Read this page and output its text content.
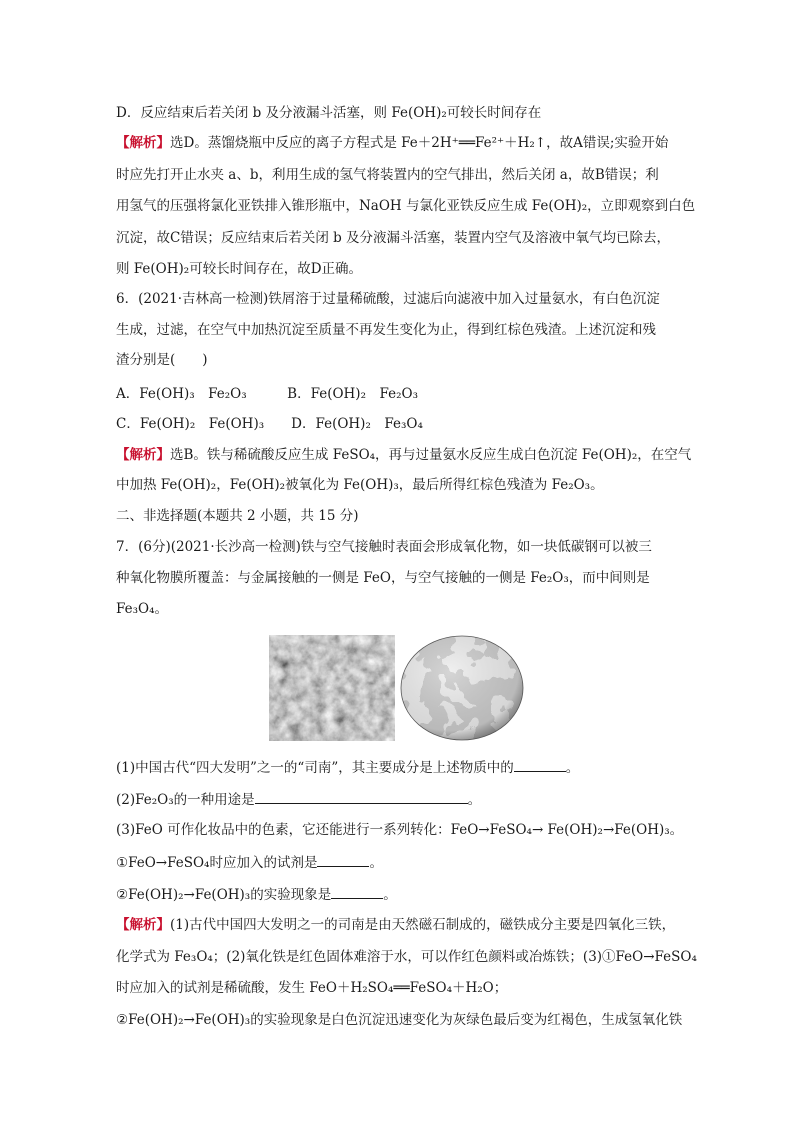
D．反应结束后若关闭 b 及分液漏斗活塞，则 Fe(OH)₂可较长时间存在
【解析】选D。蒸馏烧瓶中反应的离子方程式是 Fe＋2H⁺══Fe²⁺＋H₂↑，故A错误;实验开始
时应先打开止水夹 a、b，利用生成的氢气将装置内的空气排出，然后关闭 a，故B错误；利
用氢气的压强将氯化亚铁排入锥形瓶中，NaOH 与氯化亚铁反应生成 Fe(OH)₂，立即观察到白色
沉淀，故C错误；反应结束后若关闭 b 及分液漏斗活塞，装置内空气及溶液中氧气均已除去，
则 Fe(OH)₂可较长时间存在，故D正确。
6．(2021·吉林高一检测)铁屑溶于过量稀硫酸，过滤后向滤液中加入过量氨水，有白色沉淀
生成，过滤，在空气中加热沉淀至质量不再发生变化为止，得到红棕色残渣。上述沉淀和残
渣分别是(　　)
A．Fe(OH)₃　Fe₂O₃　　　B．Fe(OH)₂　Fe₂O₃
C．Fe(OH)₂　Fe(OH)₃　　D．Fe(OH)₂　Fe₃O₄
【解析】选B。铁与稀硫酸反应生成 FeSO₄，再与过量氨水反应生成白色沉淀 Fe(OH)₂，在空气
中加热 Fe(OH)₂，Fe(OH)₂被氧化为 Fe(OH)₃，最后所得红棕色残渣为 Fe₂O₃。
二、非选择题(本题共 2 小题，共 15 分)
7．(6分)(2021·长沙高一检测)铁与空气接触时表面会形成氧化物，如一块低碳钢可以被三
种氧化物膜所覆盖：与金属接触的一侧是 FeO，与空气接触的一侧是 Fe₂O₃，而中间则是
Fe₃O₄。
(1)中国古代“四大发明”之一的“司南”，其主要成分是上述物质中的	。
(2)Fe₂O₃的一种用途是	。
(3)FeO 可作化妆品中的色素，它还能进行一系列转化：FeO→FeSO₄→ Fe(OH)₂→Fe(OH)₃。
①FeO→FeSO₄时应加入的试剂是	。
②Fe(OH)₂→Fe(OH)₃的实验现象是	。
【解析】(1)古代中国四大发明之一的司南是由天然磁石制成的，磁铁成分主要是四氧化三铁，
化学式为 Fe₃O₄；(2)氧化铁是红色固体难溶于水，可以作红色颜料或冶炼铁；(3)①FeO→FeSO₄
时应加入的试剂是稀硫酸，发生 FeO＋H₂SO₄══FeSO₄＋H₂O；
②Fe(OH)₂→Fe(OH)₃的实验现象是白色沉淀迅速变化为灰绿色最后变为红褐色，生成氢氧化铁
